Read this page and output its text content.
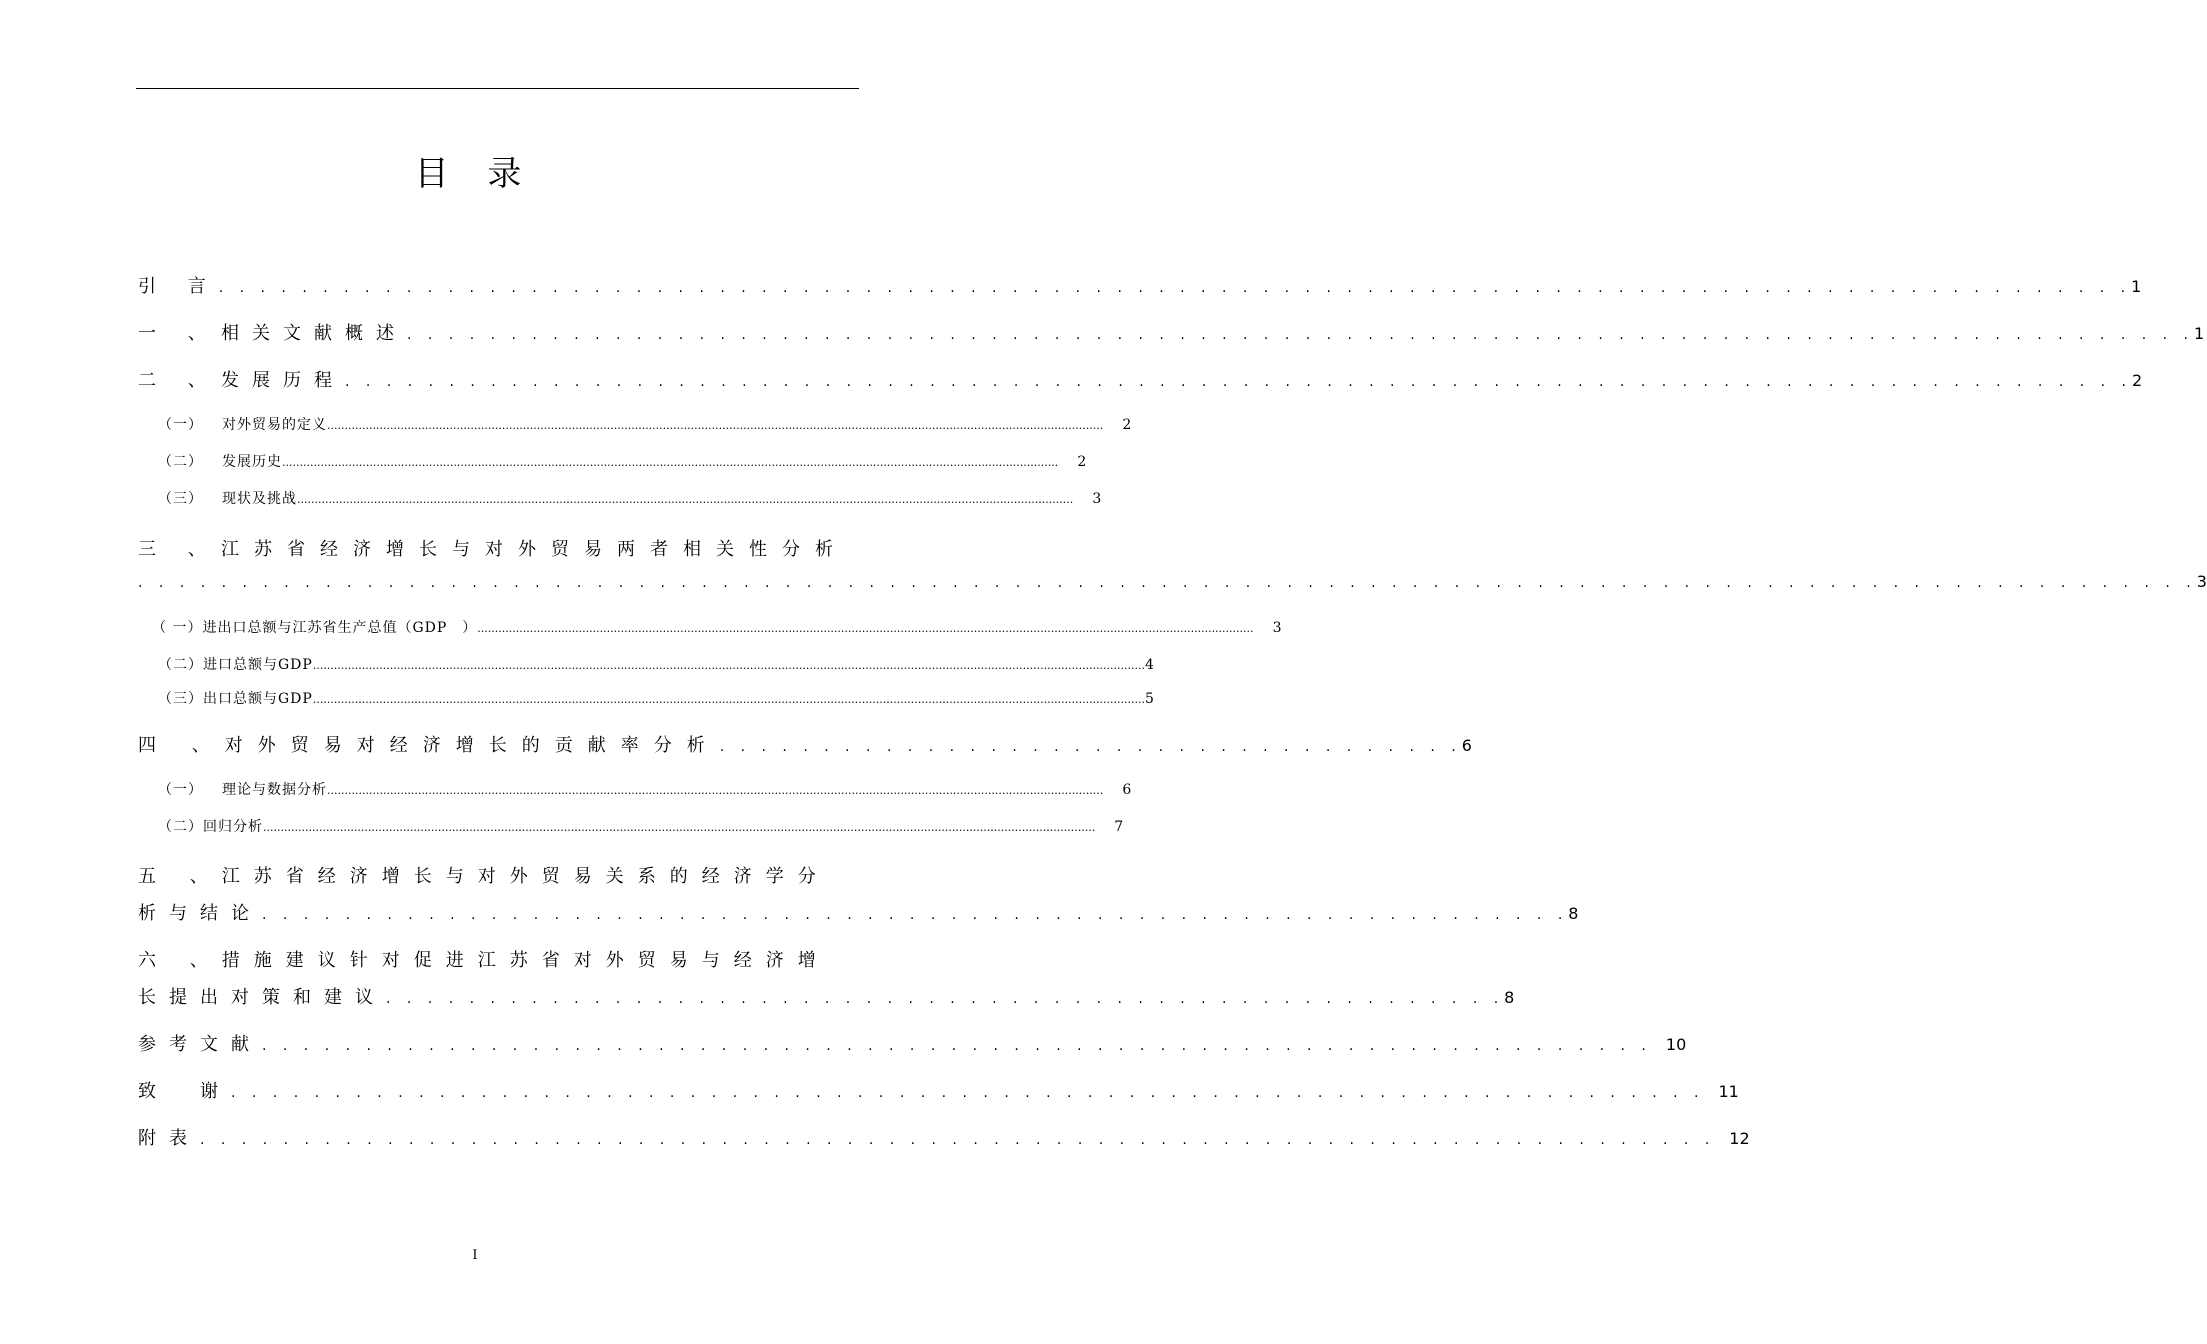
目 录
引 言 . . . . . . . . . . . . . . . . . . . . . . . . . . . . . . . . . . . . . . . . . . . . . . . . . . . . . . . . . . . . . . . . . . . . . . . . . . . . . . . . . . . . . . . . . . . . 1
一 、 相关文献概述 . . . . . . . . . . . . . . . . . . . . . . . . . . . . . . . . . . . . . . . . . . . . . . . . . . . . . . . . . . . . . . . . . . . . . . . . . . . . . . . . . . . . . . 1
二 、 发展历程 . . . . . . . . . . . . . . . . . . . . . . . . . . . . . . . . . . . . . . . . . . . . . . . . . . . . . . . . . . . . . . . . . . . . . . . . . . . . . . . . . . . . . . 2
（一）	对外贸易的定义 ..............................................................................................................................................................................................................................	2
（二）	发展历史 ..............................................................................................................................................................................................................................	2
（三）	现状及挑战 ..............................................................................................................................................................................................................................	3
三 、 江苏省经济增长与对外贸易两者相关性分析
. . . . . . . . . . . . . . . . . . . . . . . . . . . . . . . . . . . . . . . . . . . . . . . . . . . . . . . . . . . . . . . . . . . . . . . . . . . . . . . . . . . . . . . . . . . . . . . . . . . 3
（ 一）进出口总额与江苏省生产总值（GDP　） ..............................................................................................................................................................................................................................	3
（二）进口总额与GDP .............................................................................................................................................................................................................................................. 4
（三）出口总额与GDP .............................................................................................................................................................................................................................................. 5
四 、对外贸易对经济增长的贡献率分析 . . . . . . . . . . . . . . . . . . . . . . . . . . . . . . . . . . . . 6
（一）	理论与数据分析 ..............................................................................................................................................................................................................................	6
（二）回归分析 ..............................................................................................................................................................................................................................................	7
五 、江苏省经济增长与对外贸易关系的经济学分
析与结论 . . . . . . . . . . . . . . . . . . . . . . . . . . . . . . . . . . . . . . . . . . . . . . . . . . . . . . . . . . . . . . . 8
六 、措施建议针对促进江苏省对外贸易与经济增
长提出对策和建议 . . . . . . . . . . . . . . . . . . . . . . . . . . . . . . . . . . . . . . . . . . . . . . . . . . . . . . 8
参考文献 . . . . . . . . . . . . . . . . . . . . . . . . . . . . . . . . . . . . . . . . . . . . . . . . . . . . . . . . . . . . . . . . . . . 10
致　谢 . . . . . . . . . . . . . . . . . . . . . . . . . . . . . . . . . . . . . . . . . . . . . . . . . . . . . . . . . . . . . . . . . . . . . . . 11
附表 . . . . . . . . . . . . . . . . . . . . . . . . . . . . . . . . . . . . . . . . . . . . . . . . . . . . . . . . . . . . . . . . . . . . . . . . . 12
I
